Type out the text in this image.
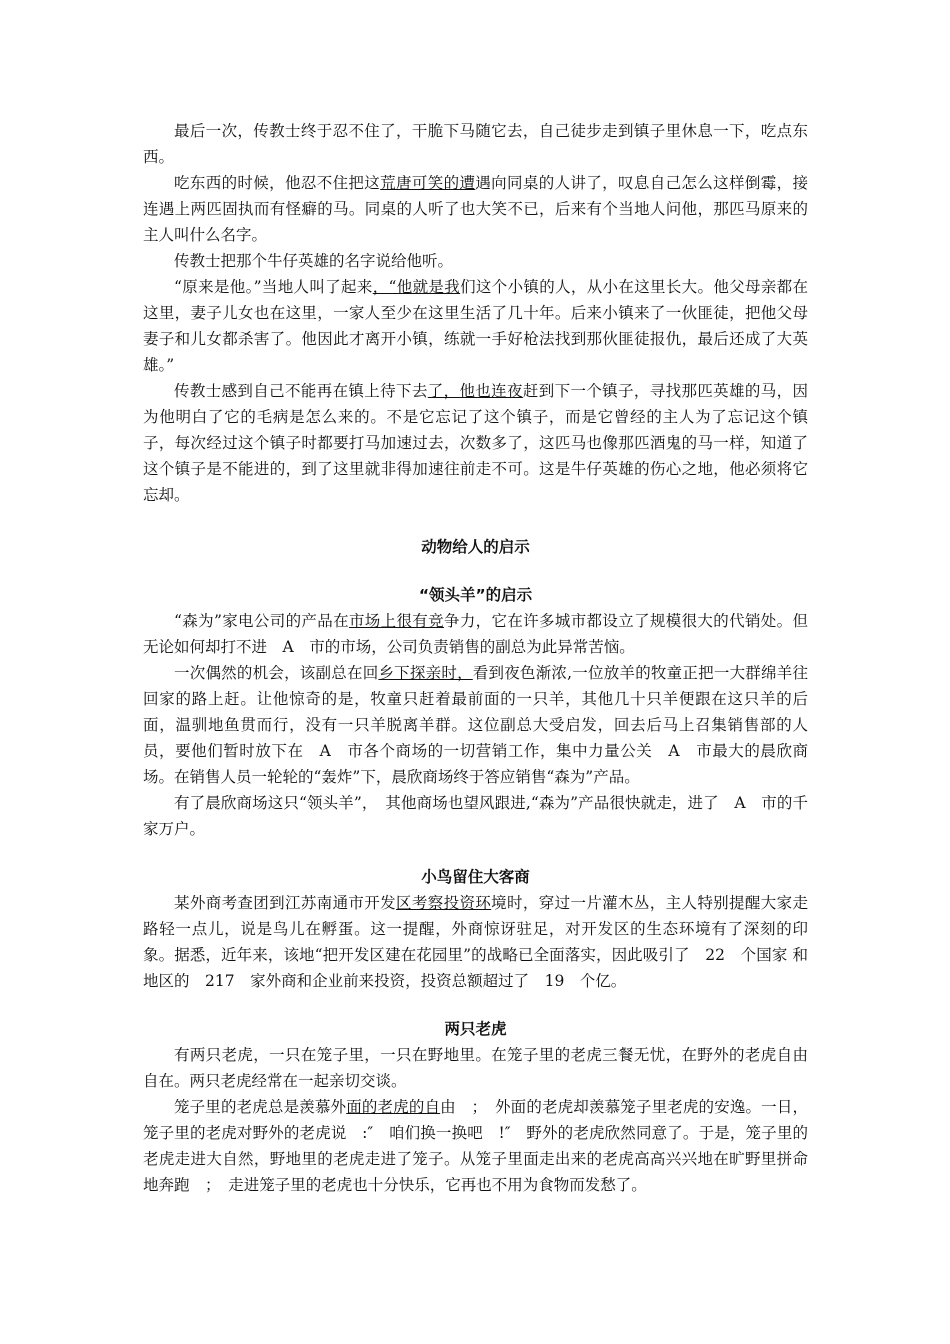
最后一次，传教士终于忍不住了，干脆下马随它去，自己徒步走到镇子里休息一下，吃点东西。

吃东西的时候，他忍不住把这荒唐可笑的遭遇向同桌的人讲了，叹息自己怎么这样倒霉，接连遇上两匹固执而有怪癖的马。同桌的人听了也大笑不已，后来有个当地人问他，那匹马原来的主人叫什么名字。

传教士把那个牛仔英雄的名字说给他听。

“原来是他。”当地人叫了起来，“他就是我们这个小镇的人，从小在这里长大。他父母亲都在这里，妻子儿女也在这里，一家人至少在这里生活了几十年。后来小镇来了一伙匪徒，把他父母妻子和儿女都杀害了。他因此才离开小镇，练就一手好枪法找到那伙匪徒报仇，最后还成了大英雄。”

传教士感到自己不能再在镇上待下去了，他也连夜赶到下一个镇子，寻找那匹英雄的马，因为他明白了它的毛病是怎么来的。不是它忘记了这个镇子，而是它曾经的主人为了忘记这个镇子，每次经过这个镇子时都要打马加速过去，次数多了，这匹马也像那匹酒鬼的马一样，知道了这个镇子是不能进的，到了这里就非得加速往前走不可。这是牛仔英雄的伤心之地，他必须将它忘却。

动物给人的启示
“领头羊”的启示

“森为”家电公司的产品在市场上很有竞争力，它在许多城市都设立了规模很大的代销处。但无论如何却打不进　A　市的市场，公司负责销售的副总为此异常苦恼。

一次偶然的机会，该副总在回乡下探亲时，看到夜色渐浓,一位放羊的牧童正把一大群绵羊往回家的路上赶。让他惊奇的是，牧童只赶着最前面的一只羊，其他几十只羊便跟在这只羊的后面，温驯地鱼贯而行，没有一只羊脱离羊群。这位副总大受启发，回去后马上召集销售部的人员，要他们暂时放下在　A　市各个商场的一切营销工作，集中力量公关　A　市最大的晨欣商场。在销售人员一轮轮的“轰炸”下，晨欣商场终于答应销售“森为”产品。

有了晨欣商场这只“领头羊”，　其他商场也望风跟进,“森为”产品很快就走，进了　A　市的千家万户。

小鸟留住大客商

某外商考查团到江苏南通市开发区考察投资环境时，穿过一片灌木丛，主人特别提醒大家走路轻一点儿，说是鸟儿在孵蛋。这一提醒，外商惊讶驻足，对开发区的生态环境有了深刻的印象。据悉，近年来，该地“把开发区建在花园里”的战略已全面落实，因此吸引了　22　个国家 和地区的　217　家外商和企业前来投资，投资总额超过了　19　个亿。

两只老虎

有两只老虎，一只在笼子里，一只在野地里。在笼子里的老虎三餐无忧，在野外的老虎自由自在。两只老虎经常在一起亲切交谈。

笼子里的老虎总是羡慕外面的老虎的自由　；　外面的老虎却羡慕笼子里老虎的安逸。一日，笼子里的老虎对野外的老虎说　:″　咱们换一换吧　!″　野外的老虎欣然同意了。于是，笼子里的老虎走进大自然，野地里的老虎走进了笼子。从笼子里面走出来的老虎高高兴兴地在旷野里拼命地奔跑　；　走进笼子里的老虎也十分快乐，它再也不用为食物而发愁了。
